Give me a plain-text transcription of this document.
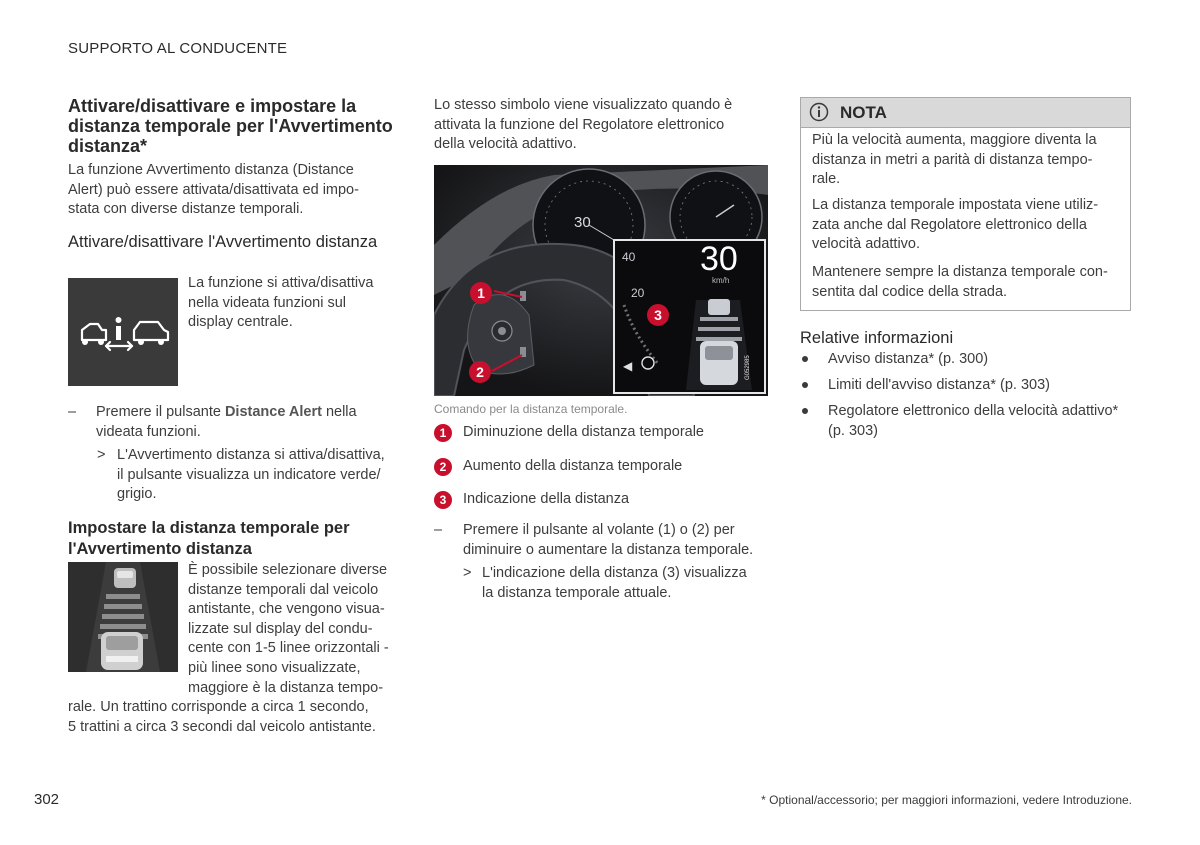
SUPPORTO AL CONDUCENTE
Attivare/disattivare e impostare la distanza temporale per l'Avvertimento distanza*
La funzione Avvertimento distanza (Distance
Alert) può essere attivata/disattivata ed impo-
stata con diverse distanze temporali.
Attivare/disattivare l'Avvertimento distanza
La funzione si attiva/disattiva
nella videata funzioni sul
display centrale.
– Premere il pulsante Distance Alert nella
videata funzioni.
> L'Avvertimento distanza si attiva/disattiva,
il pulsante visualizza un indicatore verde/
grigio.
Impostare la distanza temporale per l'Avvertimento distanza
È possibile selezionare diverse
distanze temporali dal veicolo
antistante, che vengono visua-
lizzate sul display del condu-
cente con 1-5 linee orizzontali -
più linee sono visualizzate,
maggiore è la distanza tempo-
rale. Un trattino corrisponde a circa 1 secondo,
5 trattini a circa 3 secondi dal veicolo antistante.
Lo stesso simbolo viene visualizzato quando è
attivata la funzione del Regolatore elettronico
della velocità adattivo.
30
30
km/h
40
20
◀	G052985
1
2
3
Comando per la distanza temporale.
1	Diminuzione della distanza temporale
2	Aumento della distanza temporale
3	Indicazione della distanza
– Premere il pulsante al volante (1) o (2) per
diminuire o aumentare la distanza temporale.
> L'indicazione della distanza (3) visualizza
la distanza temporale attuale.
NOTA
Più la velocità aumenta, maggiore diventa la
distanza in metri a parità di distanza tempo-
rale.
La distanza temporale impostata viene utiliz-
zata anche dal Regolatore elettronico della
velocità adattivo.
Mantenere sempre la distanza temporale con-
sentita dal codice della strada.
Relative informazioni
Avviso distanza* (p. 300)
Limiti dell'avviso distanza* (p. 303)
Regolatore elettronico della velocità adattivo*
(p. 303)
302	* Optional/accessorio; per maggiori informazioni, vedere Introduzione.
